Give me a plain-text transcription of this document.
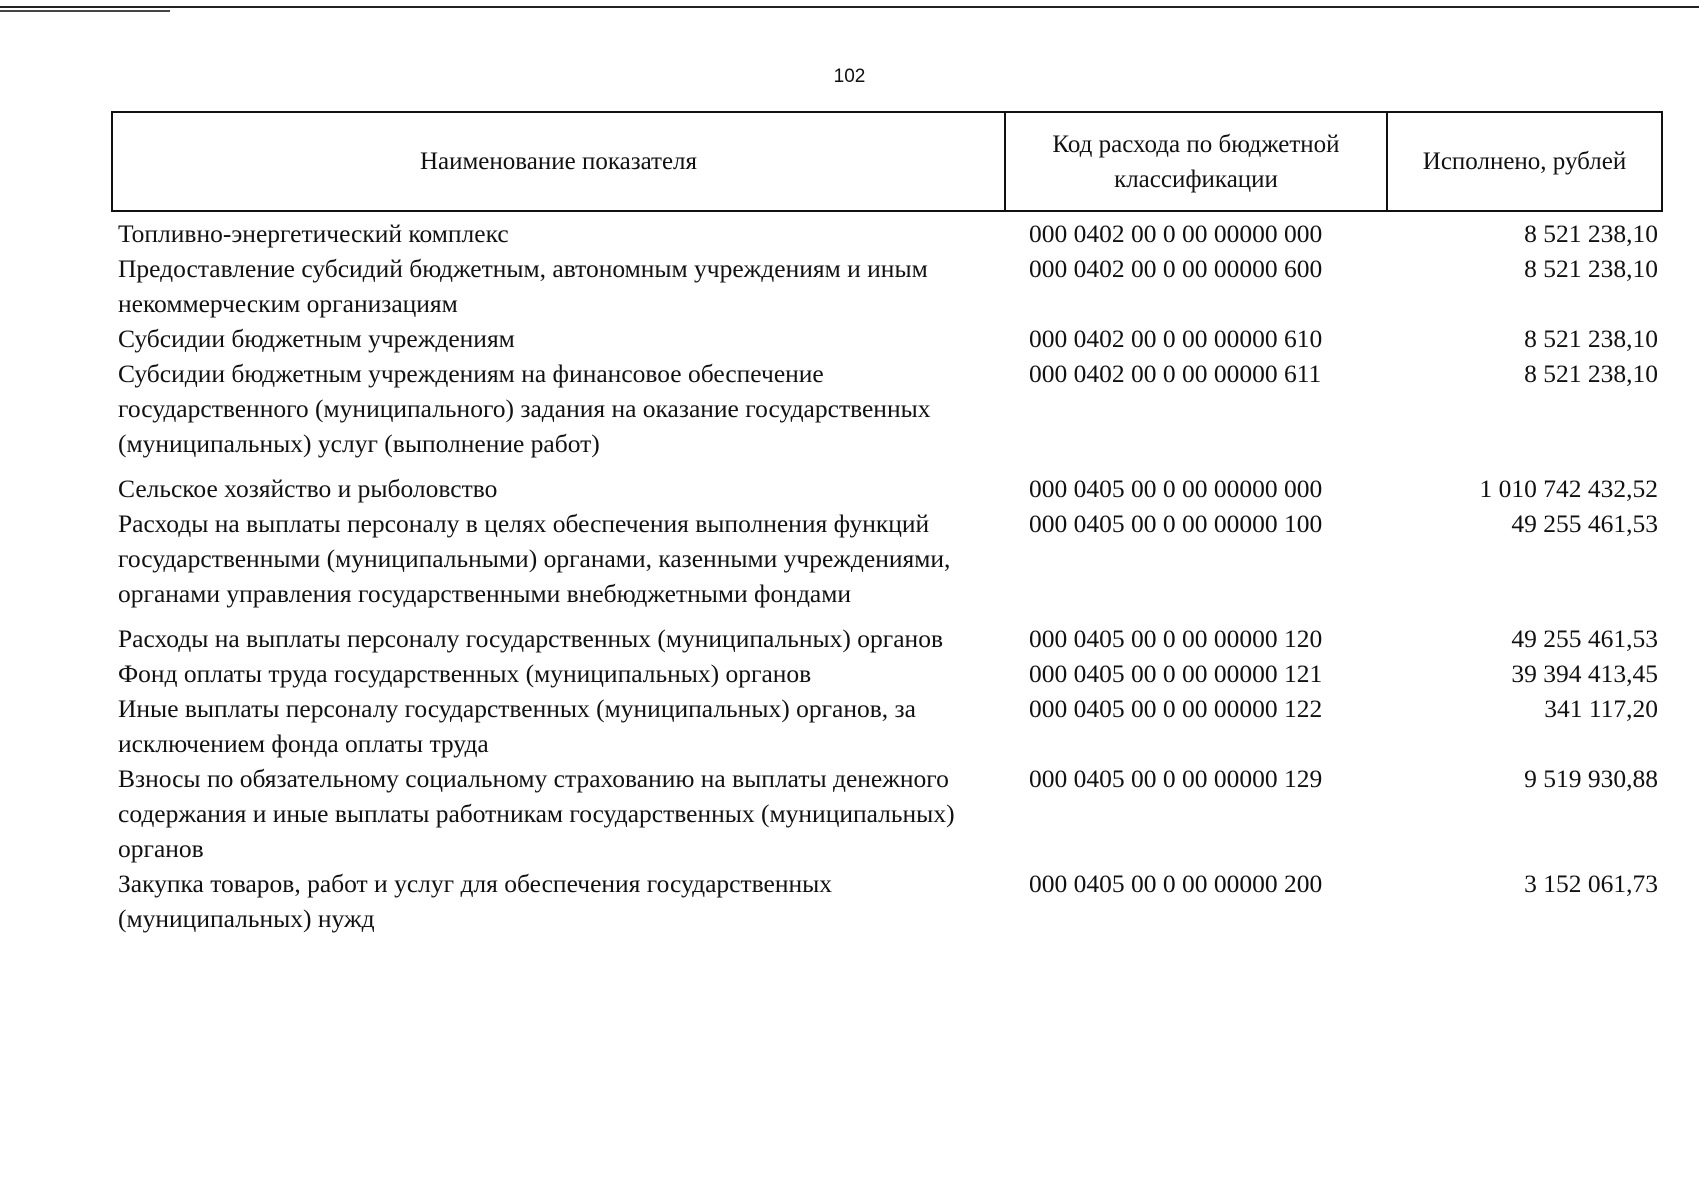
102
Наименование показателя	Код расхода по бюджетной классификации	Исполнено, рублей
Топливно-энергетический комплекс	000 0402 00 0 00 00000 000	8 521 238,10
Предоставление субсидий бюджетным, автономным учреждениям и иным некоммерческим организациям	000 0402 00 0 00 00000 600	8 521 238,10
Субсидии бюджетным учреждениям	000 0402 00 0 00 00000 610	8 521 238,10
Субсидии бюджетным учреждениям на финансовое обеспечение государственного (муниципального) задания на оказание государственных (муниципальных) услуг (выполнение работ)	000 0402 00 0 00 00000 611	8 521 238,10
Сельское хозяйство и рыболовство	000 0405 00 0 00 00000 000	1 010 742 432,52
Расходы на выплаты персоналу в целях обеспечения выполнения функций государственными (муниципальными) органами, казенными учреждениями, органами управления государственными внебюджетными фондами	000 0405 00 0 00 00000 100	49 255 461,53
Расходы на выплаты персоналу государственных (муниципальных) органов	000 0405 00 0 00 00000 120	49 255 461,53
Фонд оплаты труда государственных (муниципальных) органов	000 0405 00 0 00 00000 121	39 394 413,45
Иные выплаты персоналу государственных (муниципальных) органов, за исключением фонда оплаты труда	000 0405 00 0 00 00000 122	341 117,20
Взносы по обязательному социальному страхованию на выплаты денежного содержания и иные выплаты работникам государственных (муниципальных) органов	000 0405 00 0 00 00000 129	9 519 930,88
Закупка товаров, работ и услуг для обеспечения государственных (муниципальных) нужд	000 0405 00 0 00 00000 200	3 152 061,73
